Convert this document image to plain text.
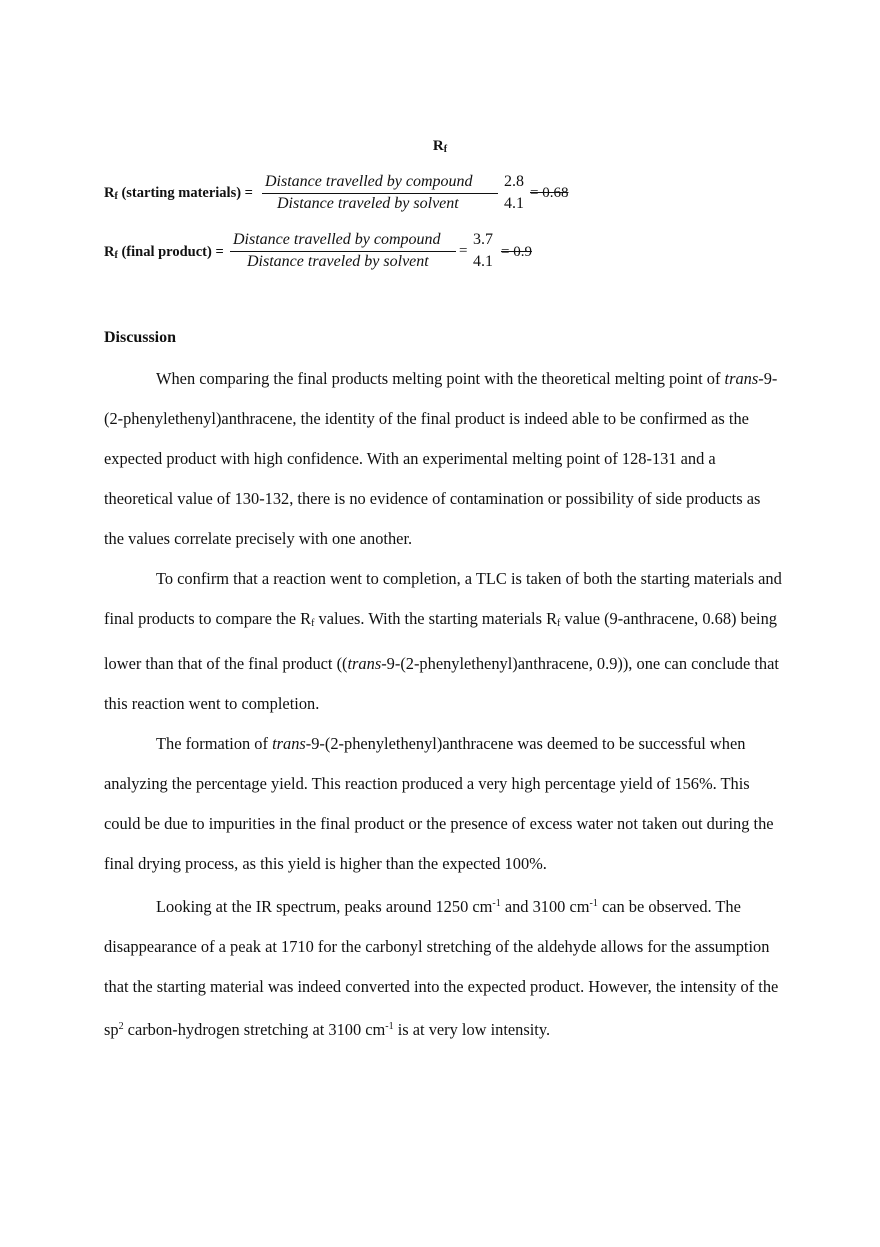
$R_f$
$R_f$ (starting materials) =
Distance travelled by compound
Distance traveled by solvent
2.8
4.1
= 0.68
$R_f$ (final product) =
Distance travelled by compound
Distance traveled by solvent
=
3.7
4.1
= 0.9
Discussion

When comparing the final products melting point with the theoretical melting point of trans-9-(2-phenylethenyl)anthracene, the identity of the final product is indeed able to be confirmed as the expected product with high confidence. With an experimental melting point of 128-131 and a theoretical value of 130-132, there is no evidence of contamination or possibility of side products as the values correlate precisely with one another.

To confirm that a reaction went to completion, a TLC is taken of both the starting materials and final products to compare the $R_f$ values. With the starting materials $R_f$ value (9-anthracene, 0.68) being lower than that of the final product ((trans-9-(2-phenylethenyl)anthracene, 0.9)), one can conclude that this reaction went to completion.

The formation of trans-9-(2-phenylethenyl)anthracene was deemed to be successful when analyzing the percentage yield. This reaction produced a very high percentage yield of 156%. This could be due to impurities in the final product or the presence of excess water not taken out during the final drying process, as this yield is higher than the expected 100%.

Looking at the IR spectrum, peaks around 1250 $cm^{-1}$ and 3100 $cm^{-1}$ can be observed. The disappearance of a peak at 1710 for the carbonyl stretching of the aldehyde allows for the assumption that the starting material was indeed converted into the expected product. However, the intensity of the $sp^2$ carbon-hydrogen stretching at 3100 $cm^{-1}$ is at very low intensity.
